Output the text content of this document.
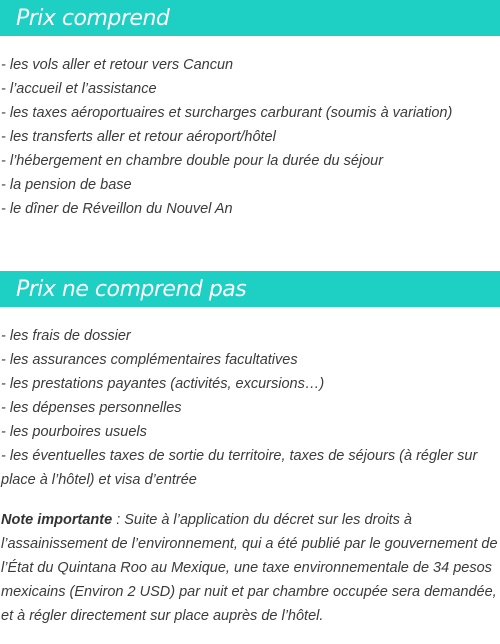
Prix comprend
- les vols aller et retour vers Cancun
- l’accueil et l’assistance
- les taxes aéroportuaires et surcharges carburant (soumis à variation)
- les transferts aller et retour aéroport/hôtel
- l’hébergement en chambre double pour la durée du séjour
- la pension de base
- le dîner de Réveillon du Nouvel An
Prix ne comprend pas
- les frais de dossier
- les assurances complémentaires facultatives
- les prestations payantes (activités, excursions…)
- les dépenses personnelles
- les pourboires usuels
- les éventuelles taxes de sortie du territoire, taxes de séjours (à régler sur place à l’hôtel) et visa d’entrée

Note importante : Suite à l’application du décret sur les droits à l’assainissement de l’environnement, qui a été publié par le gouvernement de l’État du Quintana Roo au Mexique, une taxe environnementale de 34 pesos mexicains (Environ 2 USD) par nuit et par chambre occupée sera demandée, et à régler directement sur place auprès de l’hôtel.
